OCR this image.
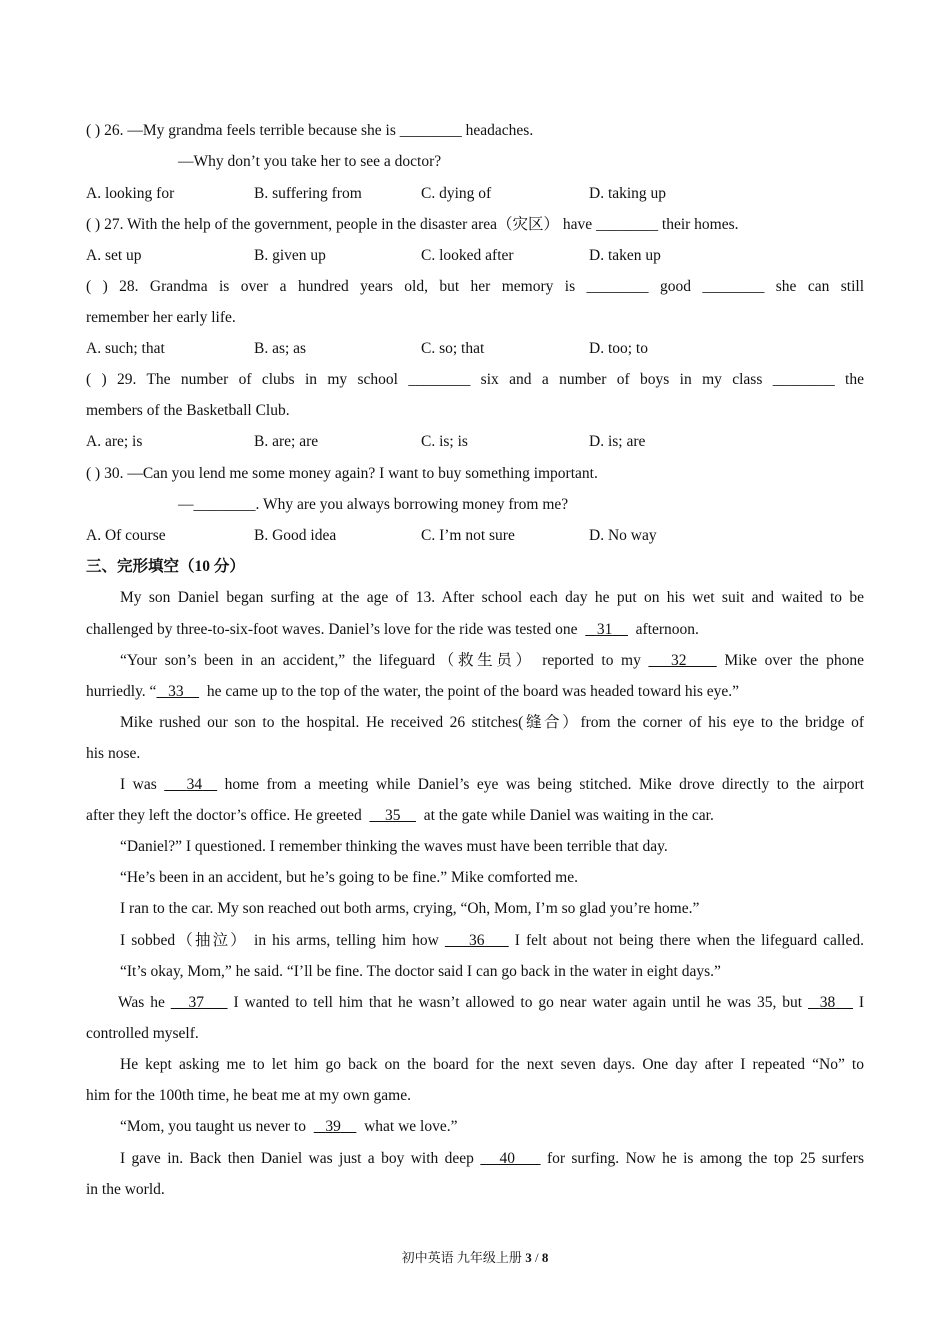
( ) 26. —My grandma feels terrible because she is ________ headaches.
—Why don’t you take her to see a doctor?
A. looking for	B. suffering from	C. dying of	D. taking up
( ) 27. With the help of the government, people in the disaster area（灾区） have ________ their homes.
A. set up	B. given up	C. looked after	D. taken up
( ) 28. Grandma is over a hundred years old, but her memory is ________ good ________ she can still
remember her early life.
A. such; that	B. as; as	C. so; that	D. too; to
( ) 29. The number of clubs in my school ________ six and a number of boys in my class ________ the
members of the Basketball Club.
A. are; is	B. are; are	C. is; is	D. is; are
( ) 30. —Can you lend me some money again? I want to buy something important.
—________. Why are you always borrowing money from me?
A. Of course	B. Good idea	C. I’m not sure	D. No way
三、完形填空（10 分）
My son Daniel began surfing at the age of 13. After school each day he put on his wet suit and waited to be
challenged by three-to-six-foot waves. Daniel’s love for the ride was tested one 31 afternoon.
“Your son’s been in an accident,” the lifeguard（救生员） reported to my 32 Mike over the phone
hurriedly. “ 33 he came up to the top of the water, the point of the board was headed toward his eye.”
Mike rushed our son to the hospital. He received 26 stitches(缝合）from the corner of his eye to the bridge of
his nose.
I was 34 home from a meeting while Daniel’s eye was being stitched. Mike drove directly to the airport
after they left the doctor’s office. He greeted 35 at the gate while Daniel was waiting in the car.
“Daniel?” I questioned. I remember thinking the waves must have been terrible that day.
“He’s been in an accident, but he’s going to be fine.” Mike comforted me.
I ran to the car. My son reached out both arms, crying, “Oh, Mom, I’m so glad you’re home.”
I sobbed（抽泣） in his arms, telling him how 36 I felt about not being there when the lifeguard called.
“It’s okay, Mom,” he said. “I’ll be fine. The doctor said I can go back in the water in eight days.”
Was he 37 I wanted to tell him that he wasn’t allowed to go near water again until he was 35, but 38 I
controlled myself.
He kept asking me to let him go back on the board for the next seven days. One day after I repeated “No” to
him for the 100th time, he beat me at my own game.
“Mom, you taught us never to 39 what we love.”
I gave in. Back then Daniel was just a boy with deep 40 for surfing. Now he is among the top 25 surfers
in the world.
初中英语 九年级上册 3 / 8
